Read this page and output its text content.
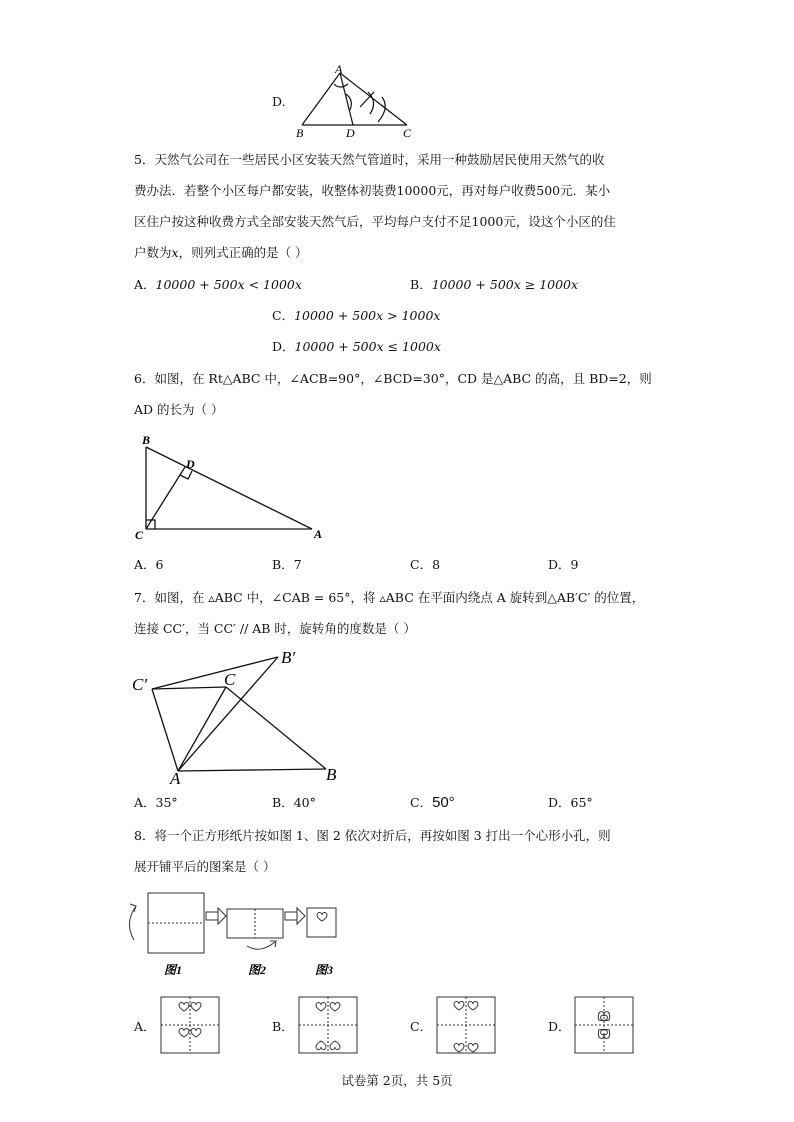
D.
A
B	D	C
5．天然气公司在一些居民小区安装天然气管道时，采用一种鼓励居民使用天然气的收
费办法．若整个小区每户都安装，收整体初装费10000元，再对每户收费500元．某小
区住户按这种收费方式全部安装天然气后，平均每户支付不足1000元，设这个小区的住
户数为x，则列式正确的是（ ）
A．10000 + 500x < 1000x	B．10000 + 500x ≥ 1000x
C．10000 + 500x > 1000x
D．10000 + 500x ≤ 1000x
6．如图，在 Rt△ABC 中，∠ACB=90°，∠BCD=30°，CD 是△ABC 的高，且 BD=2，则
AD 的长为（ ）
B
D
C	A
A．6	B．7	C．8	D．9
7．如图，在 ▵ABC 中，∠CAB = 65°，将 ▵ABC 在平面内绕点 A 旋转到△AB′C′ 的位置，
连接 CC′，当 CC′ // AB 时，旋转角的度数是（ ）
C′	C
B′
A	B
A．35°	B．40°	C．50°	D．65°
8．将一个正方形纸片按如图 1、图 2 依次对折后，再按如图 3 打出一个心形小孔，则
展开铺平后的图案是（ ）
图1	图2	图3
A．	B．	C．	D．
试卷第 2页，共 5页
